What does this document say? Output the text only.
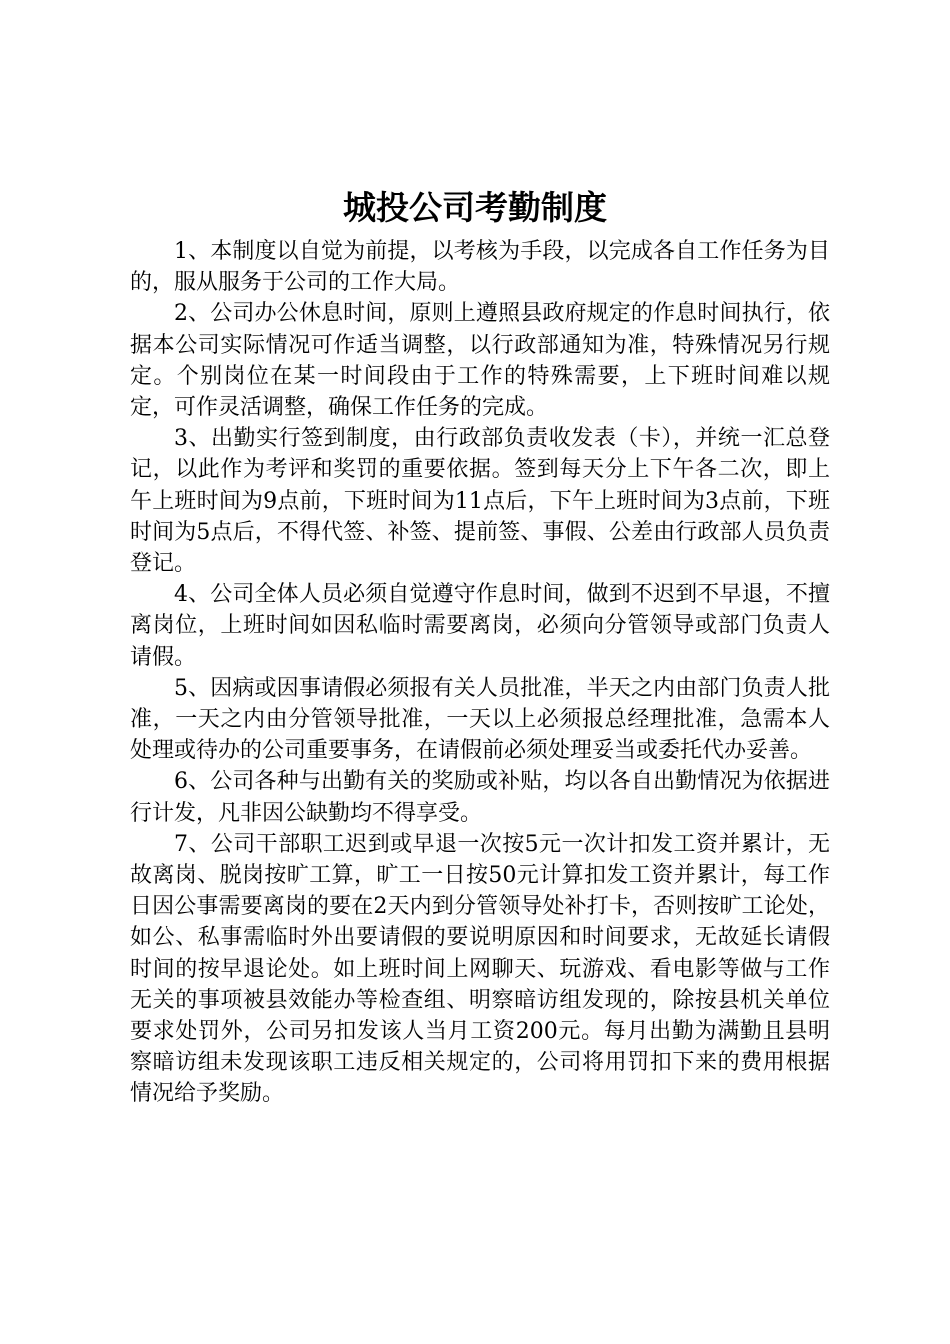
城投公司考勤制度

1、本制度以自觉为前提，以考核为手段，以完成各自工作任务为目的，服从服务于公司的工作大局。

2、公司办公休息时间，原则上遵照县政府规定的作息时间执行，依据本公司实际情况可作适当调整，以行政部通知为准，特殊情况另行规定。个别岗位在某一时间段由于工作的特殊需要，上下班时间难以规定，可作灵活调整，确保工作任务的完成。

3、出勤实行签到制度，由行政部负责收发表（卡），并统一汇总登记，以此作为考评和奖罚的重要依据。签到每天分上下午各二次，即上午上班时间为9点前，下班时间为11点后，下午上班时间为3点前，下班时间为5点后，不得代签、补签、提前签、事假、公差由行政部人员负责登记。

4、公司全体人员必须自觉遵守作息时间，做到不迟到不早退，不擅离岗位，上班时间如因私临时需要离岗，必须向分管领导或部门负责人请假。

5、因病或因事请假必须报有关人员批准，半天之内由部门负责人批准，一天之内由分管领导批准，一天以上必须报总经理批准，急需本人处理或待办的公司重要事务，在请假前必须处理妥当或委托代办妥善。

6、公司各种与出勤有关的奖励或补贴，均以各自出勤情况为依据进行计发，凡非因公缺勤均不得享受。

7、公司干部职工迟到或早退一次按5元一次计扣发工资并累计，无故离岗、脱岗按旷工算，旷工一日按50元计算扣发工资并累计，每工作日因公事需要离岗的要在2天内到分管领导处补打卡，否则按旷工论处，如公、私事需临时外出要请假的要说明原因和时间要求，无故延长请假时间的按早退论处。如上班时间上网聊天、玩游戏、看电影等做与工作无关的事项被县效能办等检查组、明察暗访组发现的，除按县机关单位要求处罚外，公司另扣发该人当月工资200元。每月出勤为满勤且县明察暗访组未发现该职工违反相关规定的，公司将用罚扣下来的费用根据情况给予奖励。
